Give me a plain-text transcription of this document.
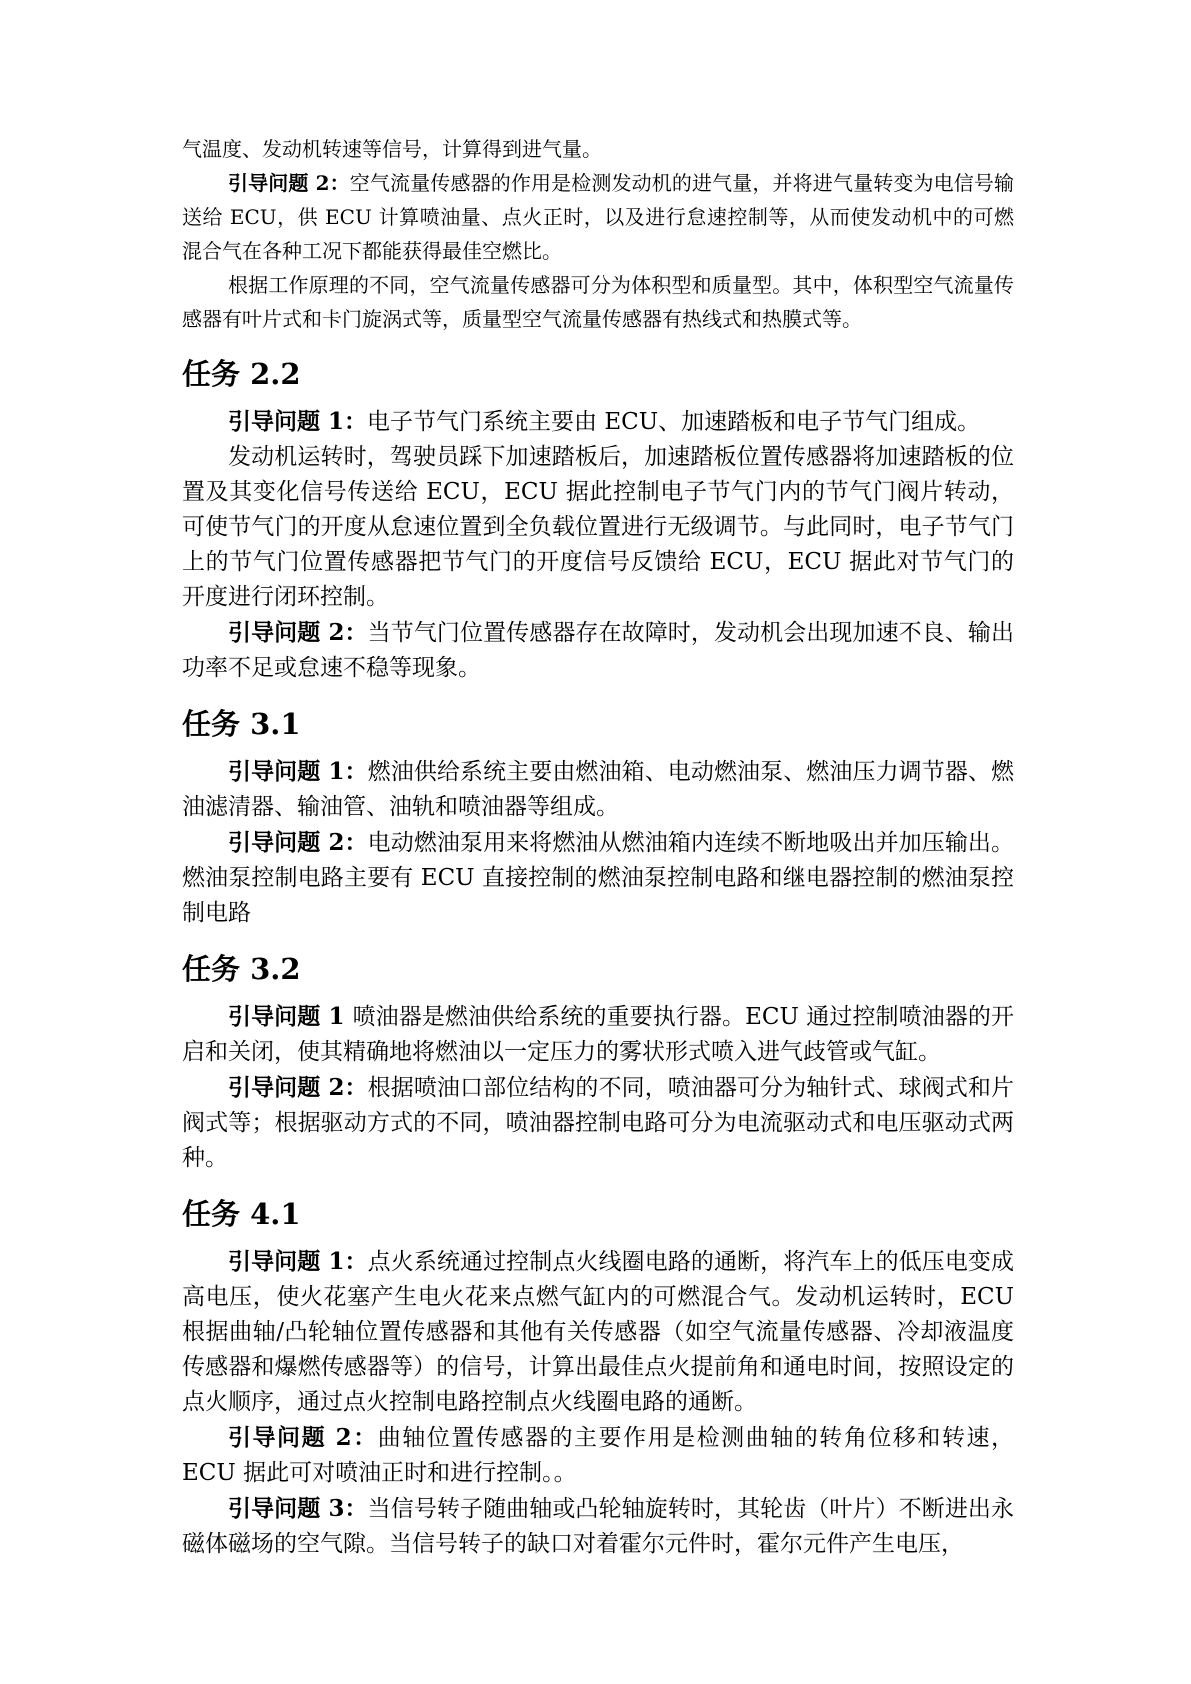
气温度、发动机转速等信号，计算得到进气量。

引导问题 2：空气流量传感器的作用是检测发动机的进气量，并将进气量转变为电信号输送给 ECU，供 ECU 计算喷油量、点火正时，以及进行怠速控制等，从而使发动机中的可燃混合气在各种工况下都能获得最佳空燃比。

根据工作原理的不同，空气流量传感器可分为体积型和质量型。其中，体积型空气流量传感器有叶片式和卡门旋涡式等，质量型空气流量传感器有热线式和热膜式等。

任务 2.2

引导问题 1：电子节气门系统主要由 ECU、加速踏板和电子节气门组成。

发动机运转时，驾驶员踩下加速踏板后，加速踏板位置传感器将加速踏板的位置及其变化信号传送给 ECU，ECU 据此控制电子节气门内的节气门阀片转动，可使节气门的开度从怠速位置到全负载位置进行无级调节。与此同时，电子节气门上的节气门位置传感器把节气门的开度信号反馈给 ECU，ECU 据此对节气门的开度进行闭环控制。

引导问题 2：当节气门位置传感器存在故障时，发动机会出现加速不良、输出功率不足或怠速不稳等现象。

任务 3.1

引导问题 1：燃油供给系统主要由燃油箱、电动燃油泵、燃油压力调节器、燃油滤清器、输油管、油轨和喷油器等组成。

引导问题 2：电动燃油泵用来将燃油从燃油箱内连续不断地吸出并加压输出。燃油泵控制电路主要有 ECU 直接控制的燃油泵控制电路和继电器控制的燃油泵控制电路

任务 3.2

引导问题 1 喷油器是燃油供给系统的重要执行器。ECU 通过控制喷油器的开启和关闭，使其精确地将燃油以一定压力的雾状形式喷入进气歧管或气缸。

引导问题 2：根据喷油口部位结构的不同，喷油器可分为轴针式、球阀式和片阀式等；根据驱动方式的不同，喷油器控制电路可分为电流驱动式和电压驱动式两种。

任务 4.1

引导问题 1：点火系统通过控制点火线圈电路的通断，将汽车上的低压电变成高电压，使火花塞产生电火花来点燃气缸内的可燃混合气。发动机运转时，ECU 根据曲轴/凸轮轴位置传感器和其他有关传感器（如空气流量传感器、冷却液温度传感器和爆燃传感器等）的信号，计算出最佳点火提前角和通电时间，按照设定的点火顺序，通过点火控制电路控制点火线圈电路的通断。

引导问题 2：曲轴位置传感器的主要作用是检测曲轴的转角位移和转速，ECU 据此可对喷油正时和进行控制。。

引导问题 3：当信号转子随曲轴或凸轮轴旋转时，其轮齿（叶片）不断进出永磁体磁场的空气隙。当信号转子的缺口对着霍尔元件时，霍尔元件产生电压，
